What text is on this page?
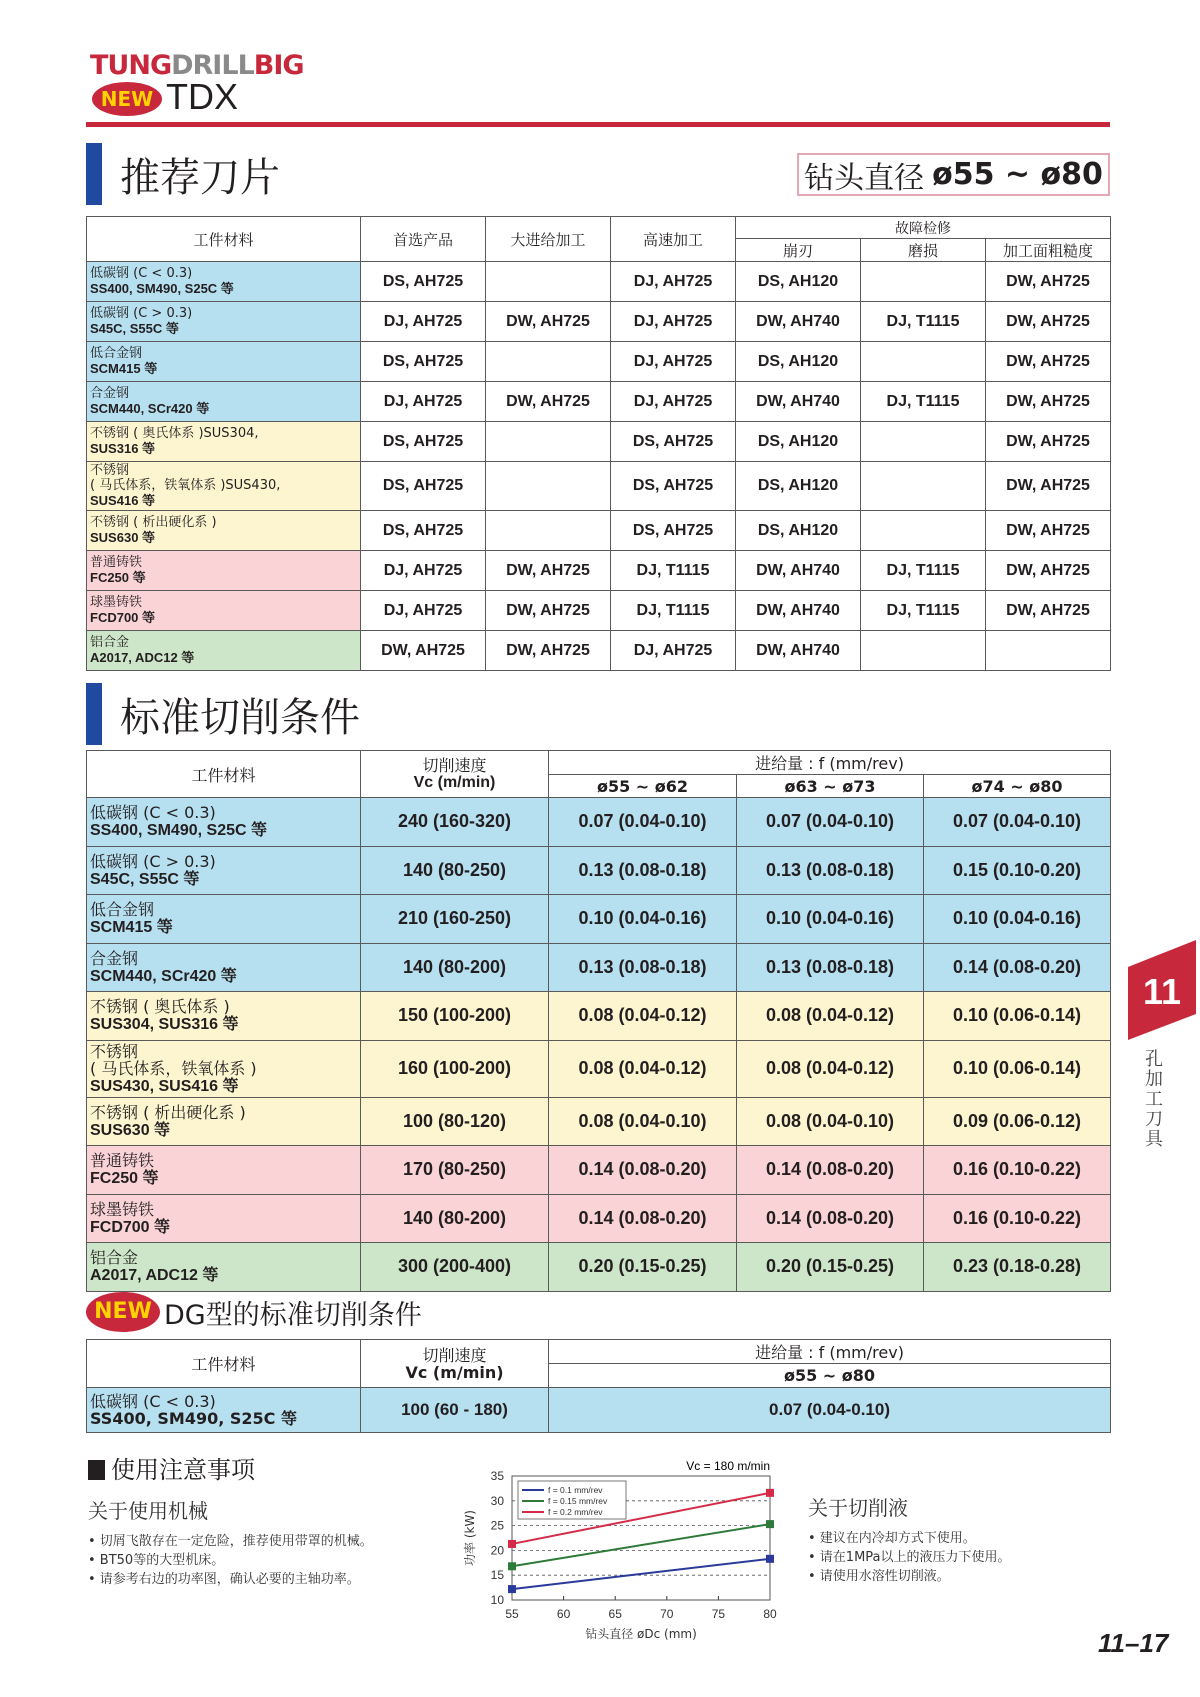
TUNGDRILLBIG
NEW TDX
推荐刀片	钻头直径 ø55 ~ ø80
工件材料	首选产品	大进给加工	高速加工	故障检修		
				崩刃	磨损	加工面粗糙度

低碳钢 (C < 0.3)
SS400, SM490, S25C 等	DS, AH725		DJ, AH725	DS, AH120		DW, AH725

低碳钢 (C > 0.3)
S45C, S55C 等	DJ, AH725	DW, AH725	DJ, AH725	DW, AH740	DJ, T1115	DW, AH725

低合金钢
SCM415 等	DS, AH725		DJ, AH725	DS, AH120		DW, AH725

合金钢
SCM440, SCr420 等	DJ, AH725	DW, AH725	DJ, AH725	DW, AH740	DJ, T1115	DW, AH725

不锈钢 ( 奥氏体系 )SUS304,
SUS316 等	DS, AH725		DS, AH725	DS, AH120		DW, AH725

不锈钢
( 马氏体系，铁氧体系 )SUS430,
SUS416 等	DS, AH725		DS, AH725	DS, AH120		DW, AH725

不锈钢 ( 析出硬化系 )
SUS630 等	DS, AH725		DS, AH725	DS, AH120		DW, AH725

普通铸铁
FC250 等	DJ, AH725	DW, AH725	DJ, T1115	DW, AH740	DJ, T1115	DW, AH725

球墨铸铁
FCD700 等	DJ, AH725	DW, AH725	DJ, T1115	DW, AH740	DJ, T1115	DW, AH725

铝合金
A2017, ADC12 等	DW, AH725	DW, AH725	DJ, AH725	DW, AH740		
标准切削条件
工件材料	切削速度
Vc (m/min)	进给量 : f (mm/rev)		
		ø55 ~ ø62	ø63 ~ ø73	ø74 ~ ø80

低碳钢 (C < 0.3)
SS400, SM490, S25C 等	240 (160-320)	0.07 (0.04-0.10)	0.07 (0.04-0.10)	0.07 (0.04-0.10)

低碳钢 (C > 0.3)
S45C, S55C 等	140 (80-250)	0.13 (0.08-0.18)	0.13 (0.08-0.18)	0.15 (0.10-0.20)

低合金钢
SCM415 等	210 (160-250)	0.10 (0.04-0.16)	0.10 (0.04-0.16)	0.10 (0.04-0.16)

合金钢
SCM440, SCr420 等	140 (80-200)	0.13 (0.08-0.18)	0.13 (0.08-0.18)	0.14 (0.08-0.20)

不锈钢 ( 奥氏体系 )
SUS304, SUS316 等	150 (100-200)	0.08 (0.04-0.12)	0.08 (0.04-0.12)	0.10 (0.06-0.14)

不锈钢
( 马氏体系，铁氧体系 )
SUS430, SUS416 等	160 (100-200)	0.08 (0.04-0.12)	0.08 (0.04-0.12)	0.10 (0.06-0.14)

不锈钢 ( 析出硬化系 )
SUS630 等	100 (80-120)	0.08 (0.04-0.10)	0.08 (0.04-0.10)	0.09 (0.06-0.12)

普通铸铁
FC250 等	170 (80-250)	0.14 (0.08-0.20)	0.14 (0.08-0.20)	0.16 (0.10-0.22)

球墨铸铁
FCD700 等	140 (80-200)	0.14 (0.08-0.20)	0.14 (0.08-0.20)	0.16 (0.10-0.22)

铝合金
A2017, ADC12 等	300 (200-400)	0.20 (0.15-0.25)	0.20 (0.15-0.25)	0.23 (0.18-0.28)
NEW DG型的标准切削条件
工件材料	切削速度
Vc (m/min)	进给量 : f (mm/rev)
		ø55 ~ ø80

低碳钢 (C < 0.3)
SS400, SM490, S25C 等	100 (60 - 180)	0.07 (0.04-0.10)
使用注意事项
关于使用机械
• 切屑飞散存在一定危险，推荐使用带罩的机械。
• BT50等的大型机床。
• 请参考右边的功率图，确认必要的主轴功率。
关于切削液
• 建议在内冷却方式下使用。
• 请在1MPa以上的液压力下使用。
• 请使用水溶性切削液。
Vc = 180 m/min
10
15
20
25
30
35
55	60	65	70	75	80
f = 0.1 mm/rev
f = 0.15 mm/rev
f = 0.2 mm/rev
功率 (kW)
钻头直径 øDc (mm)
11
孔加工刀具
11–17
